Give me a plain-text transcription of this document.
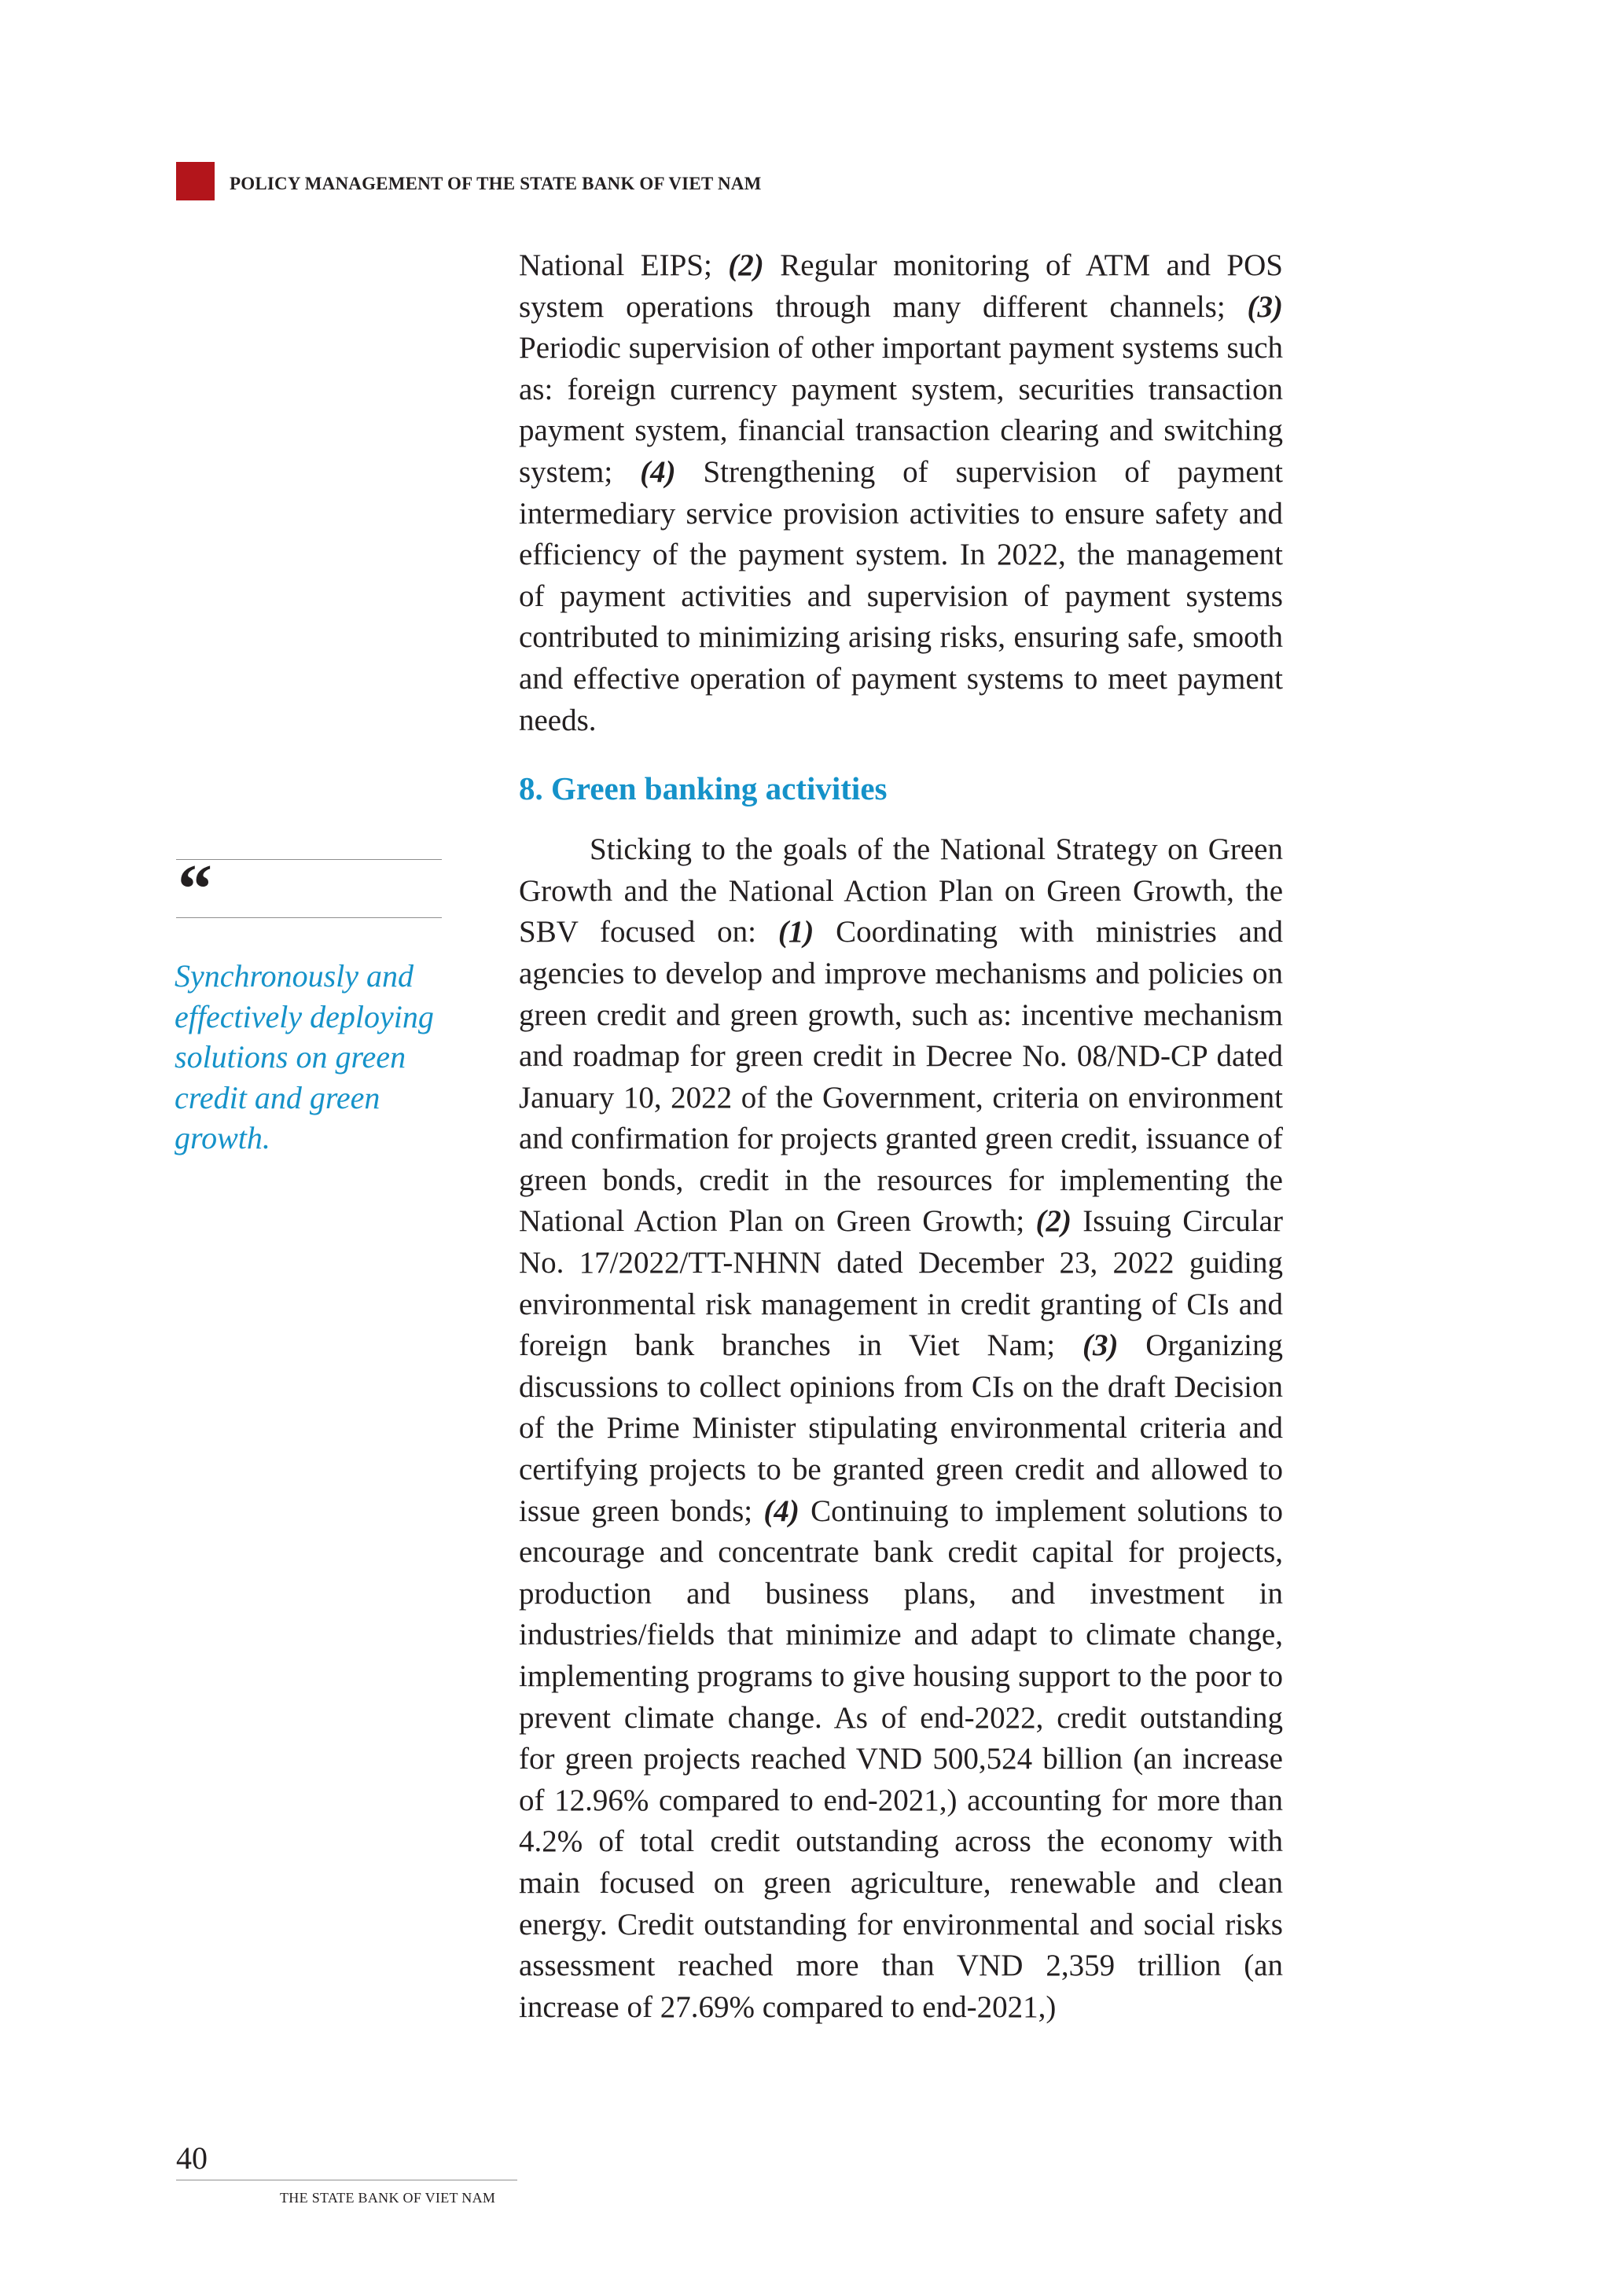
POLICY MANAGEMENT OF THE STATE BANK OF VIET NAM

National EIPS; (2) Regular monitoring of ATM and POS system operations through many different channels; (3) Periodic supervision of other important payment systems such as: foreign currency payment system, securities transaction payment system, financial transaction clearing and switching system; (4) Strengthening of supervision of payment intermediary service provision activities to ensure safety and efficiency of the payment system. In 2022, the management of payment activities and supervision of payment systems contributed to minimizing arising risks, ensuring safe, smooth and effective operation of payment systems to meet payment needs.

8. Green banking activities

Sticking to the goals of the National Strategy on Green Growth and the National Action Plan on Green Growth, the SBV focused on: (1) Coordinating with ministries and agencies to develop and improve mechanisms and policies on green credit and green growth, such as: incentive mechanism and roadmap for green credit in Decree No. 08/ND-CP dated January 10, 2022 of the Government, criteria on environment and confirmation for projects granted green credit, issuance of green bonds, credit in the resources for implementing the National Action Plan on Green Growth; (2) Issuing Circular No. 17/2022/TT-NHNN dated December 23, 2022 guiding environmental risk management in credit granting of CIs and foreign bank branches in Viet Nam; (3) Organizing discussions to collect opinions from CIs on the draft Decision of the Prime Minister stipulating environmental criteria and certifying projects to be granted green credit and allowed to issue green bonds; (4) Continuing to implement solutions to encourage and concentrate bank credit capital for projects, production and business plans, and investment in industries/fields that minimize and adapt to climate change, implementing programs to give housing support to the poor to prevent climate change. As of end-2022, credit outstanding for green projects reached VND 500,524 billion (an increase of 12.96% compared to end-2021,) accounting for more than 4.2% of total credit outstanding across the economy with main focused on green agriculture, renewable and clean energy. Credit outstanding for environmental and social risks assessment reached more than VND 2,359 trillion (an increase of 27.69% compared to end-2021,)

“
Synchronously and effectively deploying solutions on green credit and green growth.
40
THE STATE BANK OF VIET NAM
